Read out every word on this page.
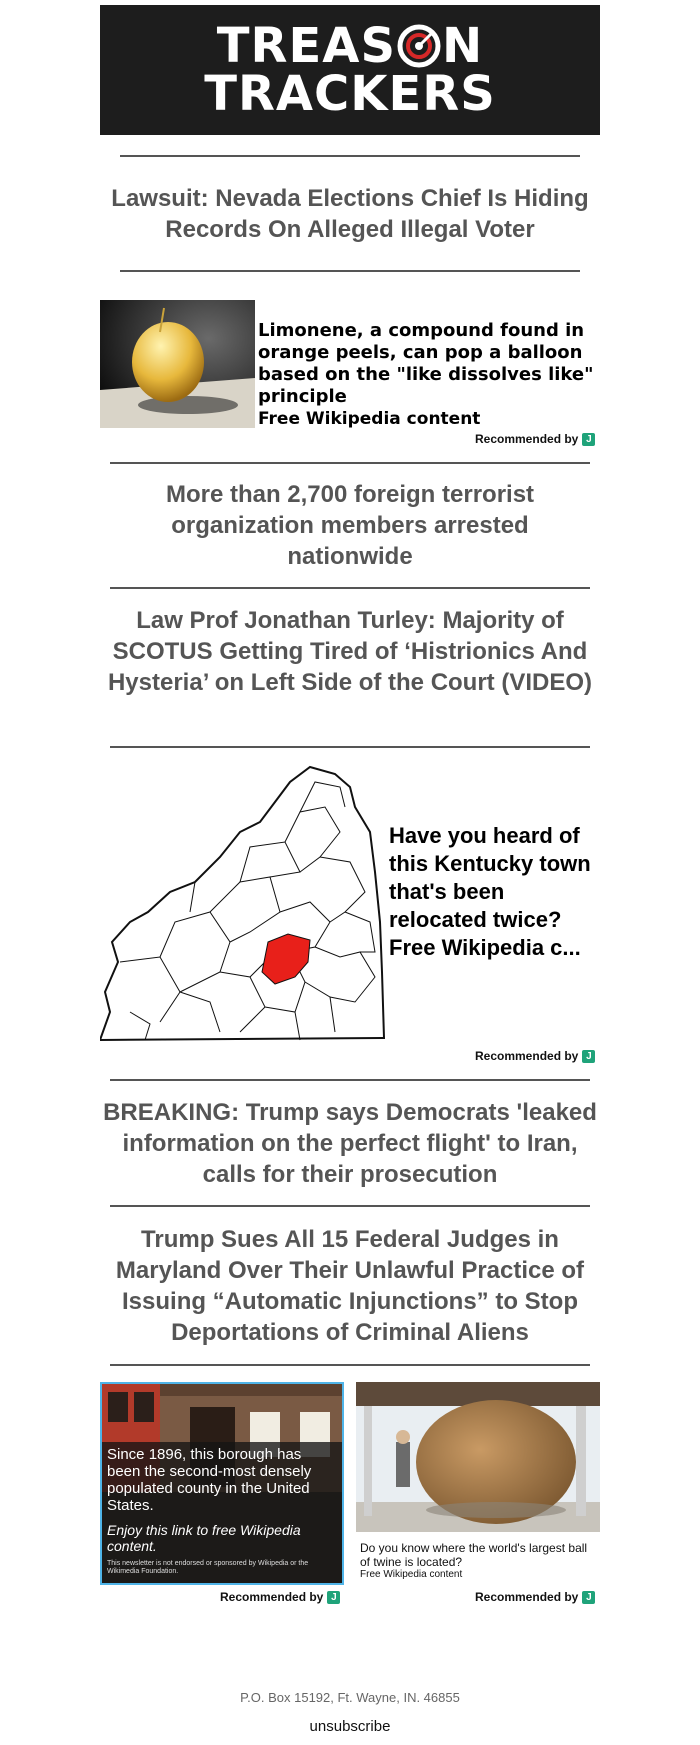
TREAS N
TRACKERS
Lawsuit: Nevada Elections Chief Is Hiding Records On Alleged Illegal Voter
Limonene, a compound found in orange peels, can pop a balloon based on the "like dissolves like" principle
Free Wikipedia content
Recommended by J
More than 2,700 foreign terrorist organization members arrested nationwide
Law Prof Jonathan Turley: Majority of SCOTUS Getting Tired of ‘Histrionics And Hysteria’ on Left Side of the Court (VIDEO)
Have you heard of this Kentucky town that's been relocated twice? Free Wikipedia c...
Recommended by J
BREAKING: Trump says Democrats 'leaked information on the perfect flight' to Iran, calls for their prosecution
Trump Sues All 15 Federal Judges in Maryland Over Their Unlawful Practice of Issuing “Automatic Injunctions” to Stop Deportations of Criminal Aliens
Since 1896, this borough has been the second-most densely populated county in the United States.
Enjoy this link to free Wikipedia content.
This newsletter is not endorsed or sponsored by Wikipedia or the Wikimedia Foundation.
Recommended by J
Do you know where the world's largest ball of twine is located?
Free Wikipedia content
Recommended by J
P.O. Box 15192, Ft. Wayne, IN. 46855
unsubscribe
